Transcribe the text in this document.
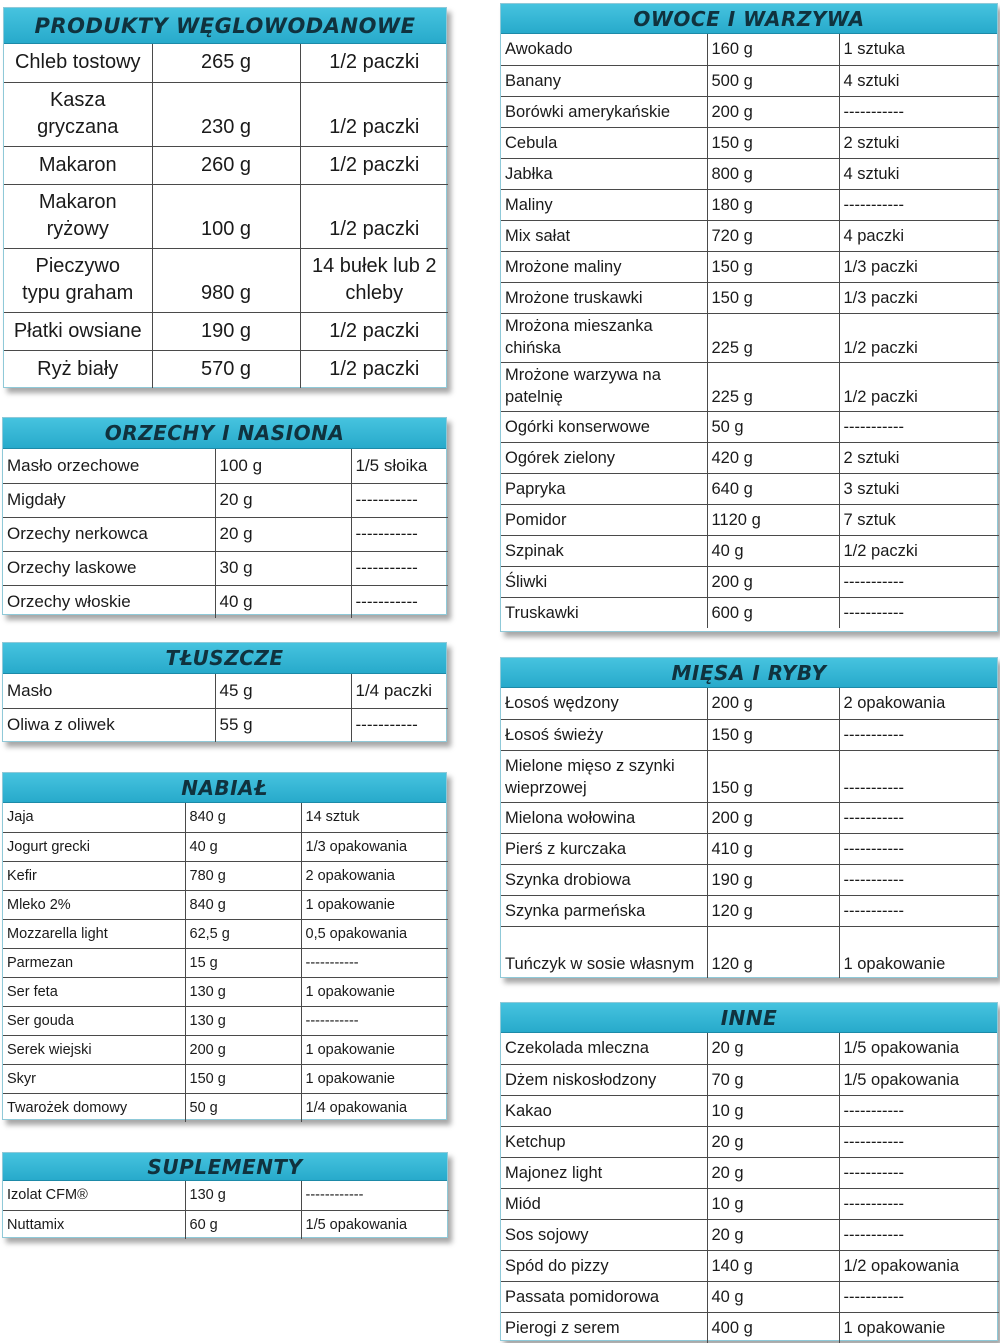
PRODUKTY WĘGLOWODANOWE
Chleb tostowy	265 g	1/2 paczki
Kasza gryczana	230 g	1/2 paczki
Makaron	260 g	1/2 paczki
Makaron ryżowy	100 g	1/2 paczki
Pieczywo typu graham	980 g	14 bułek lub 2 chleby
Płatki owsiane	190 g	1/2 paczki
Ryż biały	570 g	1/2 paczki
ORZECHY I NASIONA
Masło orzechowe	100 g	1/5 słoika
Migdały	20 g	-----------
Orzechy nerkowca	20 g	-----------
Orzechy laskowe	30 g	-----------
Orzechy włoskie	40 g	-----------
TŁUSZCZE
Masło	45 g	1/4 paczki
Oliwa z oliwek	55 g	-----------
NABIAŁ
Jaja	840 g	14 sztuk
Jogurt grecki	40 g	1/3 opakowania
Kefir	780 g	2 opakowania
Mleko 2%	840 g	1 opakowanie
Mozzarella light	62,5 g	0,5 opakowania
Parmezan	15 g	-----------
Ser feta	130 g	1 opakowanie
Ser gouda	130 g	-----------
Serek wiejski	200 g	1 opakowanie
Skyr	150 g	1 opakowanie
Twarożek domowy	50 g	1/4 opakowania
SUPLEMENTY
Izolat CFM®	130 g	------------
Nuttamix	60 g	1/5 opakowania
OWOCE I WARZYWA
Awokado	160 g	1 sztuka
Banany	500 g	4 sztuki
Borówki amerykańskie	200 g	-----------
Cebula	150 g	2 sztuki
Jabłka	800 g	4 sztuki
Maliny	180 g	-----------
Mix sałat	720 g	4 paczki
Mrożone maliny	150 g	1/3 paczki
Mrożone truskawki	150 g	1/3 paczki
Mrożona mieszanka chińska	225 g	1/2 paczki
Mrożone warzywa na patelnię	225 g	1/2 paczki
Ogórki konserwowe	50 g	-----------
Ogórek zielony	420 g	2 sztuki
Papryka	640 g	3 sztuki
Pomidor	1120 g	7 sztuk
Szpinak	40 g	1/2 paczki
Śliwki	200 g	-----------
Truskawki	600 g	-----------
MIĘSA I RYBY
Łosoś wędzony	200 g	2 opakowania
Łosoś świeży	150 g	-----------
Mielone mięso z szynki wieprzowej	150 g	-----------
Mielona wołowina	200 g	-----------
Pierś z kurczaka	410 g	-----------
Szynka drobiowa	190 g	-----------
Szynka parmeńska	120 g	-----------
Tuńczyk w sosie własnym	120 g	1 opakowanie
INNE
Czekolada mleczna	20 g	1/5 opakowania
Dżem niskosłodzony	70 g	1/5 opakowania
Kakao	10 g	-----------
Ketchup	20 g	-----------
Majonez light	20 g	-----------
Miód	10 g	-----------
Sos sojowy	20 g	-----------
Spód do pizzy	140 g	1/2 opakowania
Passata pomidorowa	40 g	-----------
Pierogi z serem	400 g	1 opakowanie
